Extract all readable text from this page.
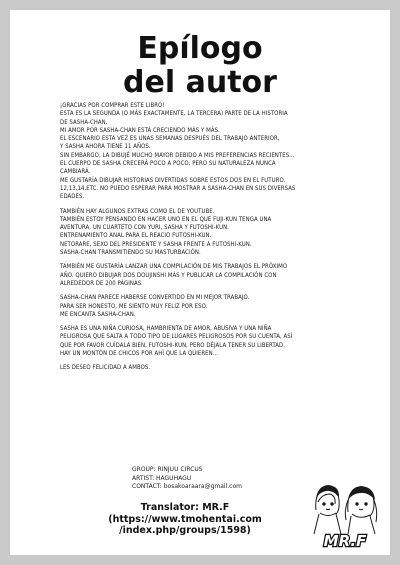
Epílogo
del autor
¡GRACIAS POR COMPRAR ESTE LIBRO!
ESTA ES LA SEGUNDA (O MÁS EXACTAMENTE, LA TERCERA) PARTE DE LA HISTORIA
DE SASHA-CHAN.
MI AMOR POR SASHA-CHAN ESTÁ CRECIENDO MÁS Y MÁS.
EL ESCENARIO ESTA VEZ ES UNAS SEMANAS DESPUÉS DEL TRABAJO ANTERIOR,
Y SASHA AHORA TIENE 11 AÑOS.
SIN EMBARGO, LA DIBUJÉ MUCHO MAYOR DEBIDO A MIS PREFERENCIAS RECIENTES...
EL CUERPO DE SASHA CRECERÁ POCO A POCO, PERO SU NATURALEZA NUNCA
CAMBIARÁ.
ME GUSTARÍA DIBUJAR HISTORIAS DIVERTIDAS SOBRE ESTOS DOS EN EL FUTURO.
12,13,14,ETC. NO PUEDO ESPERAR PARA MOSTRAR A SASHA-CHAN EN SUS DIVERSAS
EDADES.
TAMBIÉN HAY ALGUNOS EXTRAS COMO EL DE YOUTUBE.
TAMBIÉN ESTOY PENSANDO EN HACER UNO EN EL QUE FUJI-KUN TENGA UNA
AVENTURA, UN CUARTETO CON YURI, SASHA Y FUTOSHI-KUN.
ENTRENAMIENTO ANAL PARA EL REACIO FUTOSHI-KUN.
NETORARE, SEXO DEL PRESIDENTE Y SASHA FRENTE A FUTOSHI-KUN.
SASHA-CHAN TRANSMITIENDO SU MASTURBACIÓN.
TAMBIÉN ME GUSTARÍA LANZAR UNA COMPILACIÓN DE MIS TRABAJOS EL PRÓXIMO
AÑO. QUIERO DIBUJAR DOS DOUJINSHI MÁS Y PUBLICAR LA COMPILACIÓN CON
ALREDEDOR DE 200 PÁGINAS.
SASHA-CHAN PARECE HABERSE CONVERTIDO EN MI MEJOR TRABAJO.
PARA SER HONESTO, ME SIENTO MUY FELIZ POR ESO.
ME ENCANTA SASHA-CHAN.
SASHA ES UNA NIÑA CURIOSA, HAMBRIENTA DE AMOR, ABUSIVA Y UNA NIÑA
PELIGROSA QUE SALTA A TODO TIPO DE LUGARES PELIGROSOS POR SU CUENTA, ASÍ
QUE POR FAVOR CUÍDALA BIEN, FUTOSHI-KUN, PERO DÉJALA TENER SU LIBERTAD.
HAY UN MONTÓN DE CHICOS POR AHÍ QUE LA QUIEREN...
LES DESEO FELICIDAD A AMBOS.
GROUP: RINJUU CIRCUS
ARTIST: HAGUHAGU
CONTACT: bosakoaraara@gmail.com
Translator: MR.F
(https://www.tmohentai.com
/index.php/groups/1598)
MR.F
